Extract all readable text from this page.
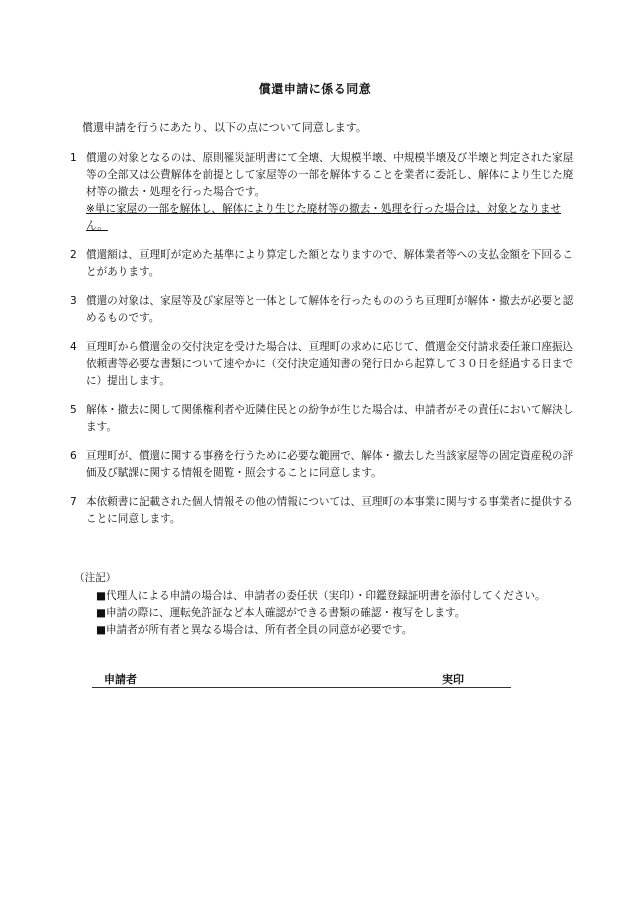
償還申請に係る同意
償還申請を行うにあたり、以下の点について同意します。
1 償還の対象となるのは、原則罹災証明書にて全壊、大規模半壊、中規模半壊及び半壊と判定された家屋等の全部又は公費解体を前提として家屋等の一部を解体することを業者に委託し、解体により生じた廃材等の撤去・処理を行った場合です。
※単に家屋の一部を解体し、解体により生じた廃材等の撤去・処理を行った場合は、対象となりません。
2 償還額は、亘理町が定めた基準により算定した額となりますので、解体業者等への支払金額を下回ることがあります。
3 償還の対象は、家屋等及び家屋等と一体として解体を行ったもののうち亘理町が解体・撤去が必要と認めるものです。
4 亘理町から償還金の交付決定を受けた場合は、亘理町の求めに応じて、償還金交付請求委任兼口座振込依頼書等必要な書類について速やかに（交付決定通知書の発行日から起算して３０日を経過する日までに）提出します。
5 解体・撤去に関して関係権利者や近隣住民との紛争が生じた場合は、申請者がその責任において解決します。
6 亘理町が、償還に関する事務を行うために必要な範囲で、解体・撤去した当該家屋等の固定資産税の評価及び賦課に関する情報を閲覧・照会することに同意します。
7 本依頼書に記載された個人情報その他の情報については、亘理町の本事業に関与する事業者に提供することに同意します。
（注記）
■代理人による申請の場合は、申請者の委任状（実印）・印鑑登録証明書を添付してください。
■申請の際に、運転免許証など本人確認ができる書類の確認・複写をします。
■申請者が所有者と異なる場合は、所有者全員の同意が必要です。
申請者	実印
